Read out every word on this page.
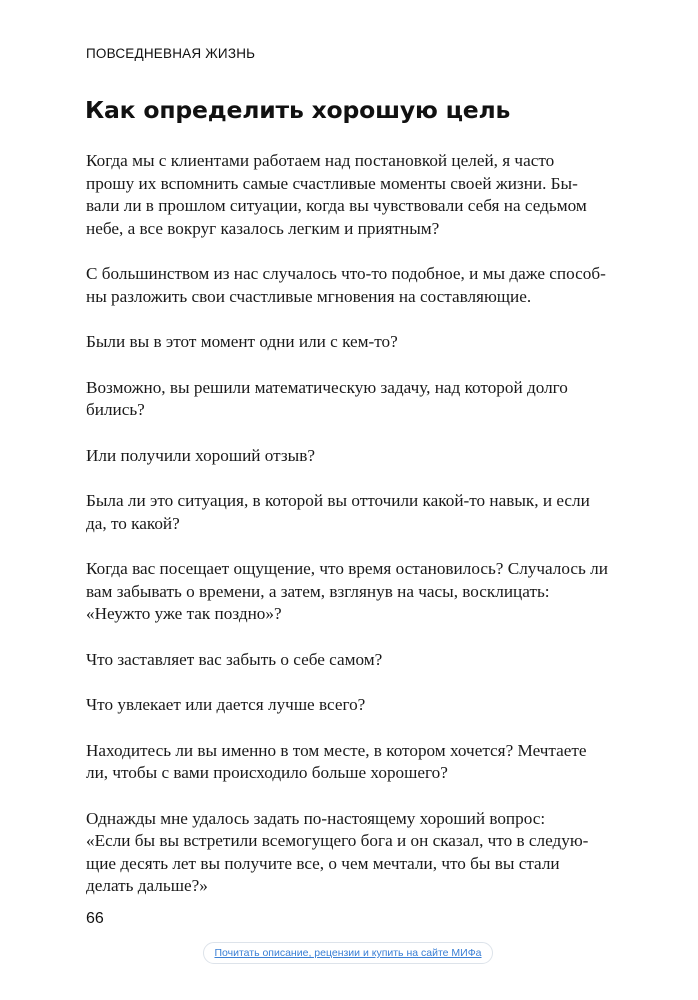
ПОВСЕДНЕВНАЯ ЖИЗНЬ
Как определить хорошую цель

Когда мы с клиентами работаем над постановкой целей, я часто
прошу их вспомнить самые счастливые моменты своей жизни. Бы-
вали ли в прошлом ситуации, когда вы чувствовали себя на седьмом
небе, а все вокруг казалось легким и приятным?

С большинством из нас случалось что-то подобное, и мы даже способ-
ны разложить свои счастливые мгновения на составляющие.

Были вы в этот момент одни или с кем-то?

Возможно, вы решили математическую задачу, над которой долго
бились?

Или получили хороший отзыв?

Была ли это ситуация, в которой вы отточили какой-то навык, и если
да, то какой?

Когда вас посещает ощущение, что время остановилось? Случалось ли
вам забывать о времени, а затем, взглянув на часы, восклицать:
«Неужто уже так поздно»?

Что заставляет вас забыть о себе самом?

Что увлекает или дается лучше всего?

Находитесь ли вы именно в том месте, в котором хочется? Мечтаете
ли, чтобы с вами происходило больше хорошего?

Однажды мне удалось задать по-настоящему хороший вопрос:
«Если бы вы встретили всемогущего бога и он сказал, что в следую-
щие десять лет вы получите все, о чем мечтали, что бы вы стали
делать дальше?»

66
Почитать описание, рецензии и купить на сайте МИФа
